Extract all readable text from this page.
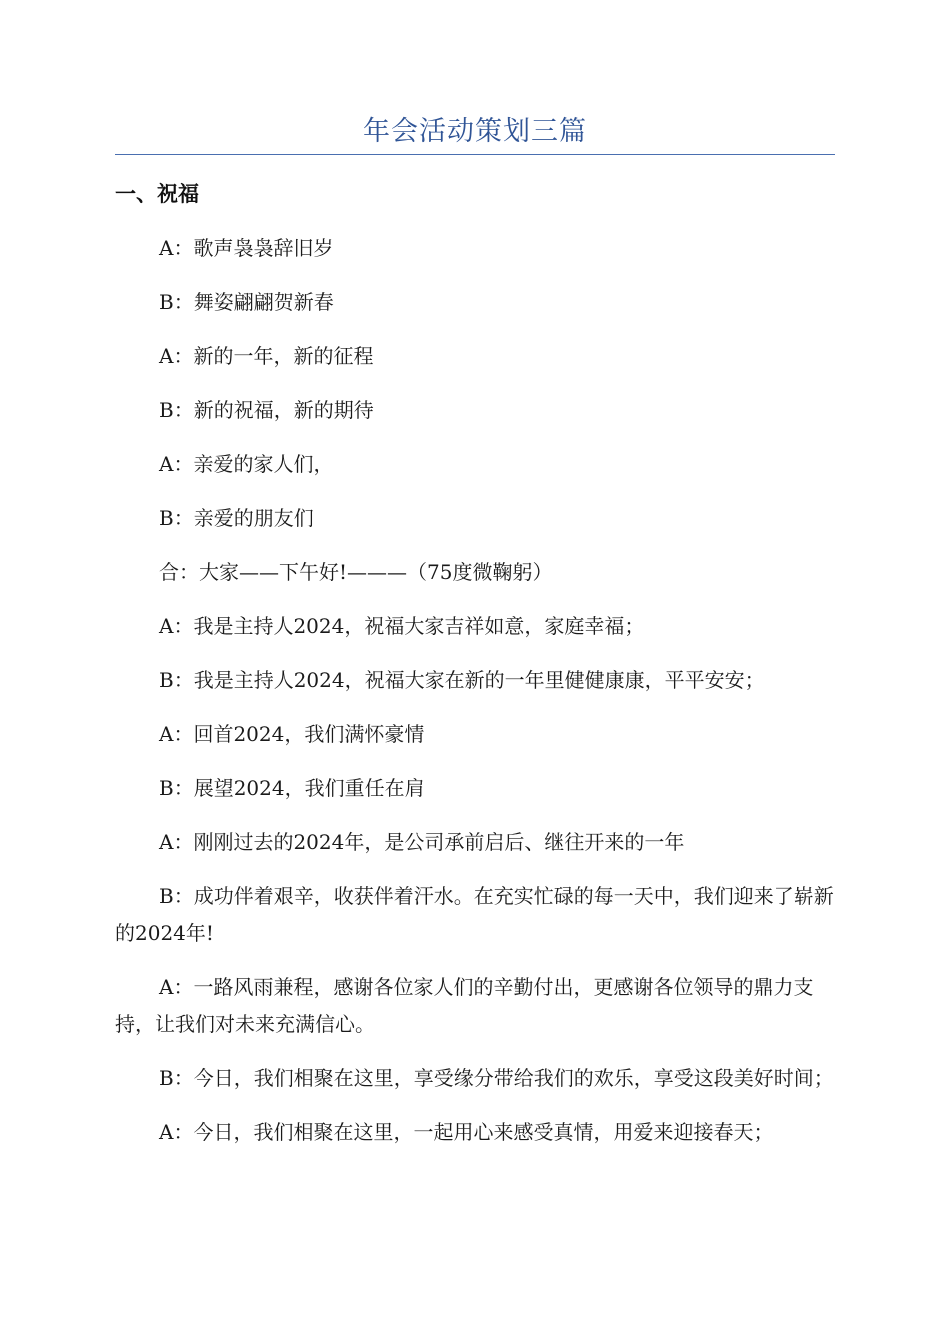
年会活动策划三篇
一、祝福

A：歌声袅袅辞旧岁

B：舞姿翩翩贺新春

A：新的一年，新的征程

B：新的祝福，新的期待

A：亲爱的家人们，

B：亲爱的朋友们

合：大家——下午好!———（75度微鞠躬）

A：我是主持人2024，祝福大家吉祥如意，家庭幸福；

B：我是主持人2024，祝福大家在新的一年里健健康康，平平安安；

A：回首2024，我们满怀豪情

B：展望2024，我们重任在肩

A：刚刚过去的2024年，是公司承前启后、继往开来的一年

B：成功伴着艰辛，收获伴着汗水。在充实忙碌的每一天中，我们迎来了崭新的2024年!

A：一路风雨兼程，感谢各位家人们的辛勤付出，更感谢各位领导的鼎力支持，让我们对未来充满信心。

B：今日，我们相聚在这里，享受缘分带给我们的欢乐，享受这段美好时间；

A：今日，我们相聚在这里，一起用心来感受真情，用爱来迎接春天；
